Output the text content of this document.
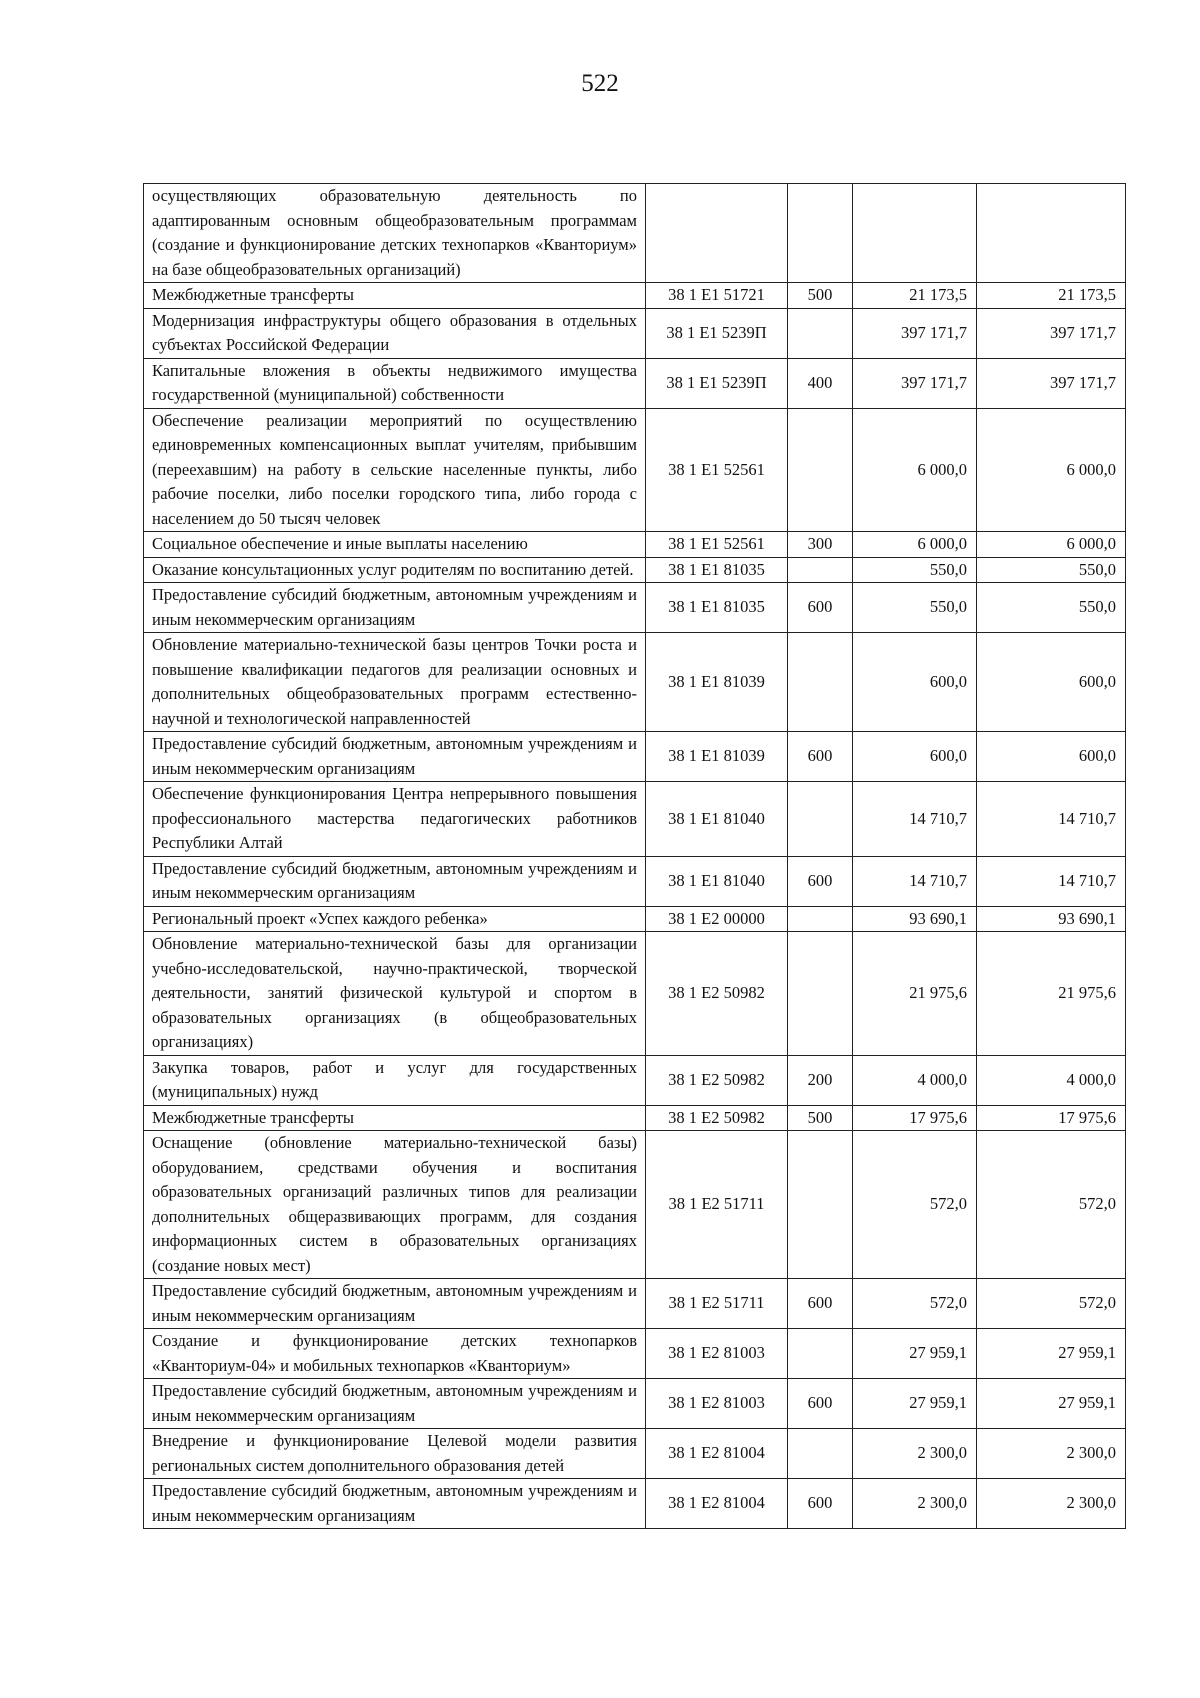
522
осуществляющих образовательную деятельность по адаптированным основным общеобразовательным программам (создание и функционирование детских технопарков «Кванториум» на базе общеобразовательных организаций)				
Межбюджетные трансферты	38 1 E1 51721	500	21 173,5	21 173,5
Модернизация инфраструктуры общего образования в отдельных субъектах Российской Федерации	38 1 E1 5239П		397 171,7	397 171,7
Капитальные вложения в объекты недвижимого имущества государственной (муниципальной) собственности	38 1 E1 5239П	400	397 171,7	397 171,7
Обеспечение реализации мероприятий по осуществлению единовременных компенсационных выплат учителям, прибывшим (переехавшим) на работу в сельские населенные пункты, либо рабочие поселки, либо поселки городского типа, либо города с населением до 50 тысяч человек	38 1 E1 52561		6 000,0	6 000,0
Социальное обеспечение и иные выплаты населению	38 1 E1 52561	300	6 000,0	6 000,0
Оказание консультационных услуг родителям по воспитанию детей.	38 1 E1 81035		550,0	550,0
Предоставление субсидий бюджетным, автономным учреждениям и иным некоммерческим организациям	38 1 E1 81035	600	550,0	550,0
Обновление материально-технической базы центров Точки роста и повышение квалификации педагогов для реализации основных и дополнительных общеобразовательных программ естественно-научной и технологической направленностей	38 1 E1 81039		600,0	600,0
Предоставление субсидий бюджетным, автономным учреждениям и иным некоммерческим организациям	38 1 E1 81039	600	600,0	600,0
Обеспечение функционирования Центра непрерывного повышения профессионального мастерства педагогических работников Республики Алтай	38 1 E1 81040		14 710,7	14 710,7
Предоставление субсидий бюджетным, автономным учреждениям и иным некоммерческим организациям	38 1 E1 81040	600	14 710,7	14 710,7
Региональный проект «Успех каждого ребенка»	38 1 E2 00000		93 690,1	93 690,1
Обновление материально-технической базы для организации учебно-исследовательской, научно-практической, творческой деятельности, занятий физической культурой и спортом в образовательных организациях (в общеобразовательных организациях)	38 1 E2 50982		21 975,6	21 975,6
Закупка товаров, работ и услуг для государственных (муниципальных) нужд	38 1 E2 50982	200	4 000,0	4 000,0
Межбюджетные трансферты	38 1 E2 50982	500	17 975,6	17 975,6
Оснащение (обновление материально-технической базы) оборудованием, средствами обучения и воспитания образовательных организаций различных типов для реализации дополнительных общеразвивающих программ, для создания информационных систем в образовательных организациях (создание новых мест)	38 1 E2 51711		572,0	572,0
Предоставление субсидий бюджетным, автономным учреждениям и иным некоммерческим организациям	38 1 E2 51711	600	572,0	572,0
Создание и функционирование детских технопарков «Кванториум-04» и мобильных технопарков «Кванториум»	38 1 E2 81003		27 959,1	27 959,1
Предоставление субсидий бюджетным, автономным учреждениям и иным некоммерческим организациям	38 1 E2 81003	600	27 959,1	27 959,1
Внедрение и функционирование Целевой модели развития региональных систем дополнительного образования детей	38 1 E2 81004		2 300,0	2 300,0
Предоставление субсидий бюджетным, автономным учреждениям и иным некоммерческим организациям	38 1 E2 81004	600	2 300,0	2 300,0
